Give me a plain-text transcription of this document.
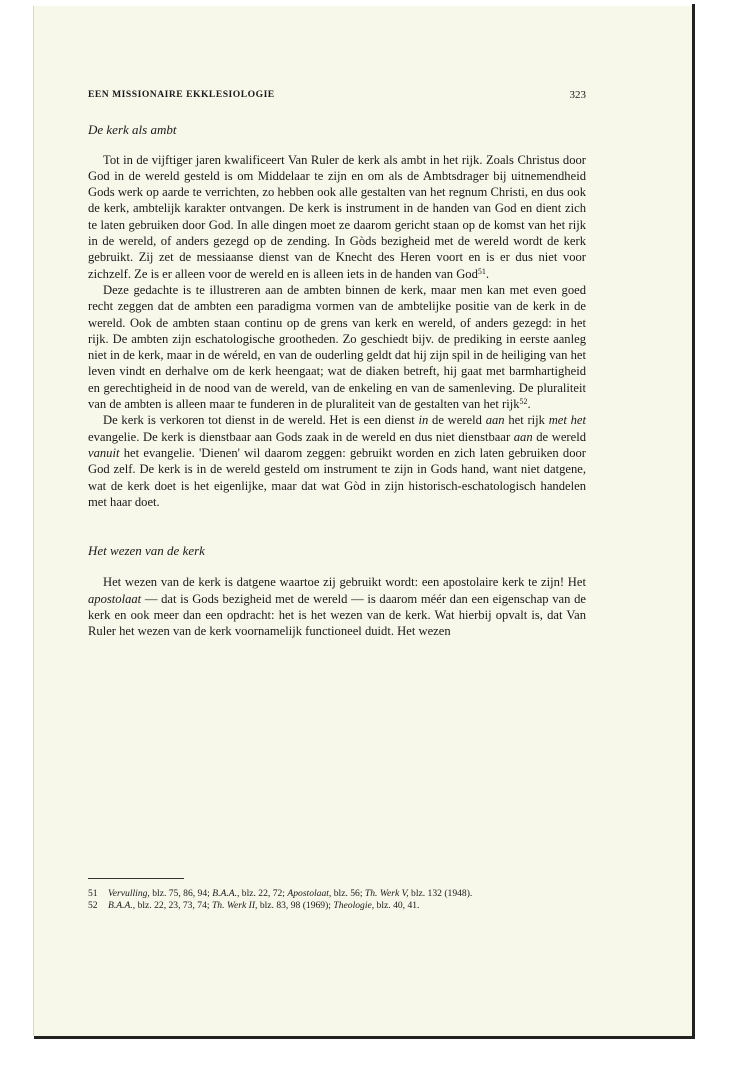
EEN MISSIONAIRE EKKLESIOLOGIE	323
De kerk als ambt

Tot in de vijftiger jaren kwalificeert Van Ruler de kerk als ambt in het rijk. Zoals Christus door God in de wereld gesteld is om Middelaar te zijn en om als de Ambtsdrager bij uitnemendheid Gods werk op aarde te verrichten, zo hebben ook alle gestalten van het regnum Christi, en dus ook de kerk, ambtelijk karakter ontvangen. De kerk is instrument in de handen van God en dient zich te laten gebruiken door God. In alle dingen moet ze daarom gericht staan op de komst van het rijk in de wereld, of anders gezegd op de zending. In Gòds bezigheid met de wereld wordt de kerk gebruikt. Zij zet de messiaanse dienst van de Knecht des Heren voort en is er dus niet voor zichzelf. Ze is er alleen voor de wereld en is alleen iets in de handen van God$^{51}$.

Deze gedachte is te illustreren aan de ambten binnen de kerk, maar men kan met even goed recht zeggen dat de ambten een paradigma vormen van de ambtelijke positie van de kerk in de wereld. Ook de ambten staan continu op de grens van kerk en wereld, of anders gezegd: in het rijk. De ambten zijn eschatologische grootheden. Zo geschiedt bijv. de prediking in eerste aanleg niet in de kerk, maar in de wéreld, en van de ouderling geldt dat hij zijn spil in de heiliging van het leven vindt en derhalve om de kerk heengaat; wat de diaken betreft, hij gaat met barmhartigheid en gerechtigheid in de nood van de wereld, van de enkeling en van de samenleving. De pluraliteit van de ambten is alleen maar te funderen in de pluraliteit van de gestalten van het rijk$^{52}$.

De kerk is verkoren tot dienst in de wereld. Het is een dienst in de wereld aan het rijk met het evangelie. De kerk is dienstbaar aan Gods zaak in de wereld en dus niet dienstbaar aan de wereld vanuit het evangelie. 'Dienen' wil daarom zeggen: gebruikt worden en zich laten gebruiken door God zelf. De kerk is in de wereld gesteld om instrument te zijn in Gods hand, want niet datgene, wat de kerk doet is het eigenlijke, maar dat wat Gòd in zijn historisch-eschatologisch handelen met haar doet.

Het wezen van de kerk

Het wezen van de kerk is datgene waartoe zij gebruikt wordt: een apostolaire kerk te zijn! Het apostolaat — dat is Gods bezigheid met de wereld — is daarom méér dan een eigenschap van de kerk en ook meer dan een opdracht: het is het wezen van de kerk. Wat hierbij opvalt is, dat Van Ruler het wezen van de kerk voornamelijk functioneel duidt. Het wezen

51	Vervulling, blz. 75, 86, 94; B.A.A., blz. 22, 72; Apostolaat, blz. 56; Th. Werk V, blz. 132 (1948).
52	B.A.A., blz. 22, 23, 73, 74; Th. Werk II, blz. 83, 98 (1969); Theologie, blz. 40, 41.
